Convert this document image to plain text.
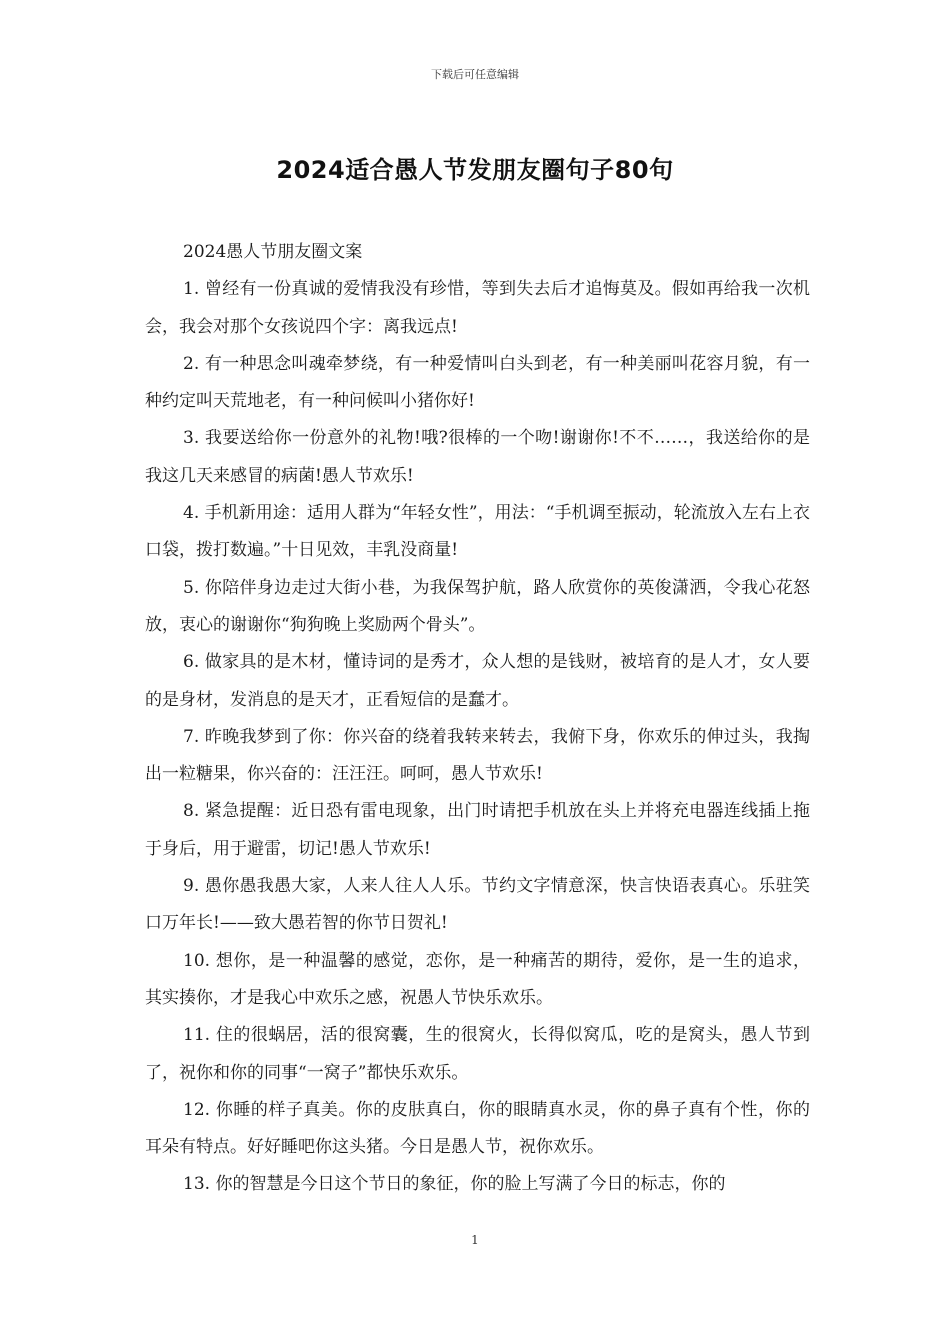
下载后可任意编辑
2024适合愚人节发朋友圈句子80句

2024愚人节朋友圈文案

1. 曾经有一份真诚的爱情我没有珍惜，等到失去后才追悔莫及。假如再给我一次机会，我会对那个女孩说四个字：离我远点!

2. 有一种思念叫魂牵梦绕，有一种爱情叫白头到老，有一种美丽叫花容月貌，有一种约定叫天荒地老，有一种问候叫小猪你好!

3. 我要送给你一份意外的礼物!哦?很棒的一个吻!谢谢你!不不……，我送给你的是我这几天来感冒的病菌!愚人节欢乐!

4. 手机新用途：适用人群为“年轻女性”，用法：“手机调至振动，轮流放入左右上衣口袋，拨打数遍。”十日见效，丰乳没商量!

5. 你陪伴身边走过大街小巷，为我保驾护航，路人欣赏你的英俊潇洒，令我心花怒放，衷心的谢谢你“狗狗晚上奖励两个骨头”。

6. 做家具的是木材，懂诗词的是秀才，众人想的是钱财，被培育的是人才，女人要的是身材，发消息的是天才，正看短信的是蠢才。

7. 昨晚我梦到了你：你兴奋的绕着我转来转去，我俯下身，你欢乐的伸过头，我掏出一粒糖果，你兴奋的：汪汪汪。呵呵，愚人节欢乐!

8. 紧急提醒：近日恐有雷电现象，出门时请把手机放在头上并将充电器连线插上拖于身后，用于避雷，切记!愚人节欢乐!

9. 愚你愚我愚大家，人来人往人人乐。节约文字情意深，快言快语表真心。乐驻笑口万年长!——致大愚若智的你节日贺礼!

10. 想你，是一种温馨的感觉，恋你，是一种痛苦的期待，爱你，是一生的追求，其实揍你，才是我心中欢乐之感，祝愚人节快乐欢乐。

11. 住的很蜗居，活的很窝囊，生的很窝火，长得似窝瓜，吃的是窝头，愚人节到了，祝你和你的同事“一窝子”都快乐欢乐。

12. 你睡的样子真美。你的皮肤真白，你的眼睛真水灵，你的鼻子真有个性，你的耳朵有特点。好好睡吧你这头猪。今日是愚人节，祝你欢乐。

13. 你的智慧是今日这个节日的象征，你的脸上写满了今日的标志，你的

1
